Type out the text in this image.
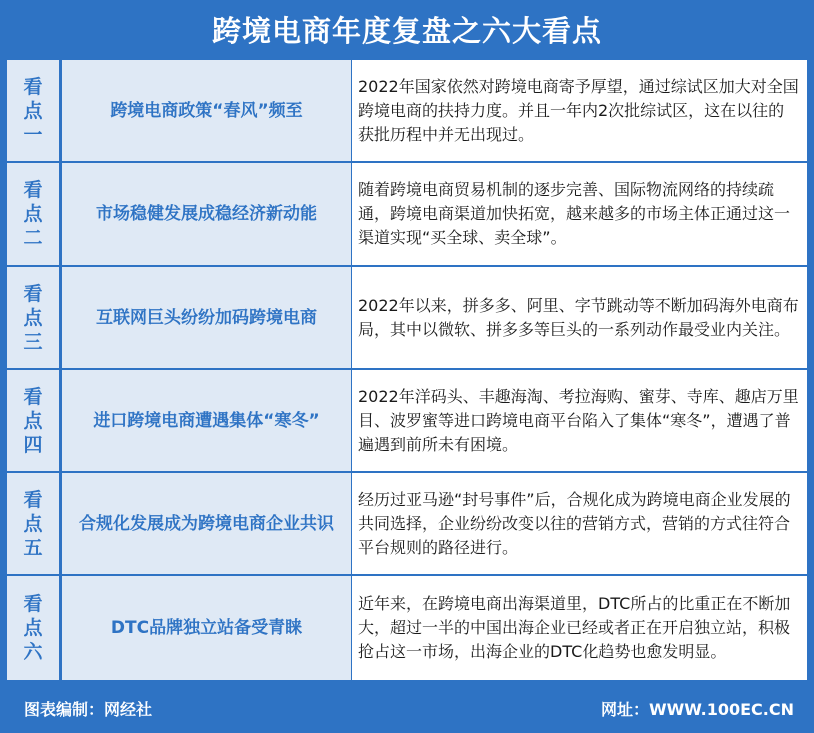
跨境电商年度复盘之六大看点
看
点
一
跨境电商政策“春风”频至
2022年国家依然对跨境电商寄予厚望，通过综试区加大对全国跨境电商的扶持力度。并且一年内2次批综试区，这在以往的获批历程中并无出现过。
看
点
二
市场稳健发展成稳经济新动能
随着跨境电商贸易机制的逐步完善、国际物流网络的持续疏通，跨境电商渠道加快拓宽，越来越多的市场主体正通过这一渠道实现“买全球、卖全球”。
看
点
三
互联网巨头纷纷加码跨境电商
2022年以来，拼多多、阿里、字节跳动等不断加码海外电商布局，其中以微软、拼多多等巨头的一系列动作最受业内关注。
看
点
四
进口跨境电商遭遇集体“寒冬”
2022年洋码头、丰趣海淘、考拉海购、蜜芽、寺库、趣店万里目、波罗蜜等进口跨境电商平台陷入了集体“寒冬”，遭遇了普遍遇到前所未有困境。
看
点
五
合规化发展成为跨境电商企业共识
经历过亚马逊“封号事件”后，合规化成为跨境电商企业发展的共同选择，企业纷纷改变以往的营销方式，营销的方式往符合平台规则的路径进行。
看
点
六
DTC品牌独立站备受青睐
近年来，在跨境电商出海渠道里，DTC所占的比重正在不断加大，超过一半的中国出海企业已经或者正在开启独立站，积极抢占这一市场，出海企业的DTC化趋势也愈发明显。
图表编制：网经社	网址：WWW.100EC.CN
